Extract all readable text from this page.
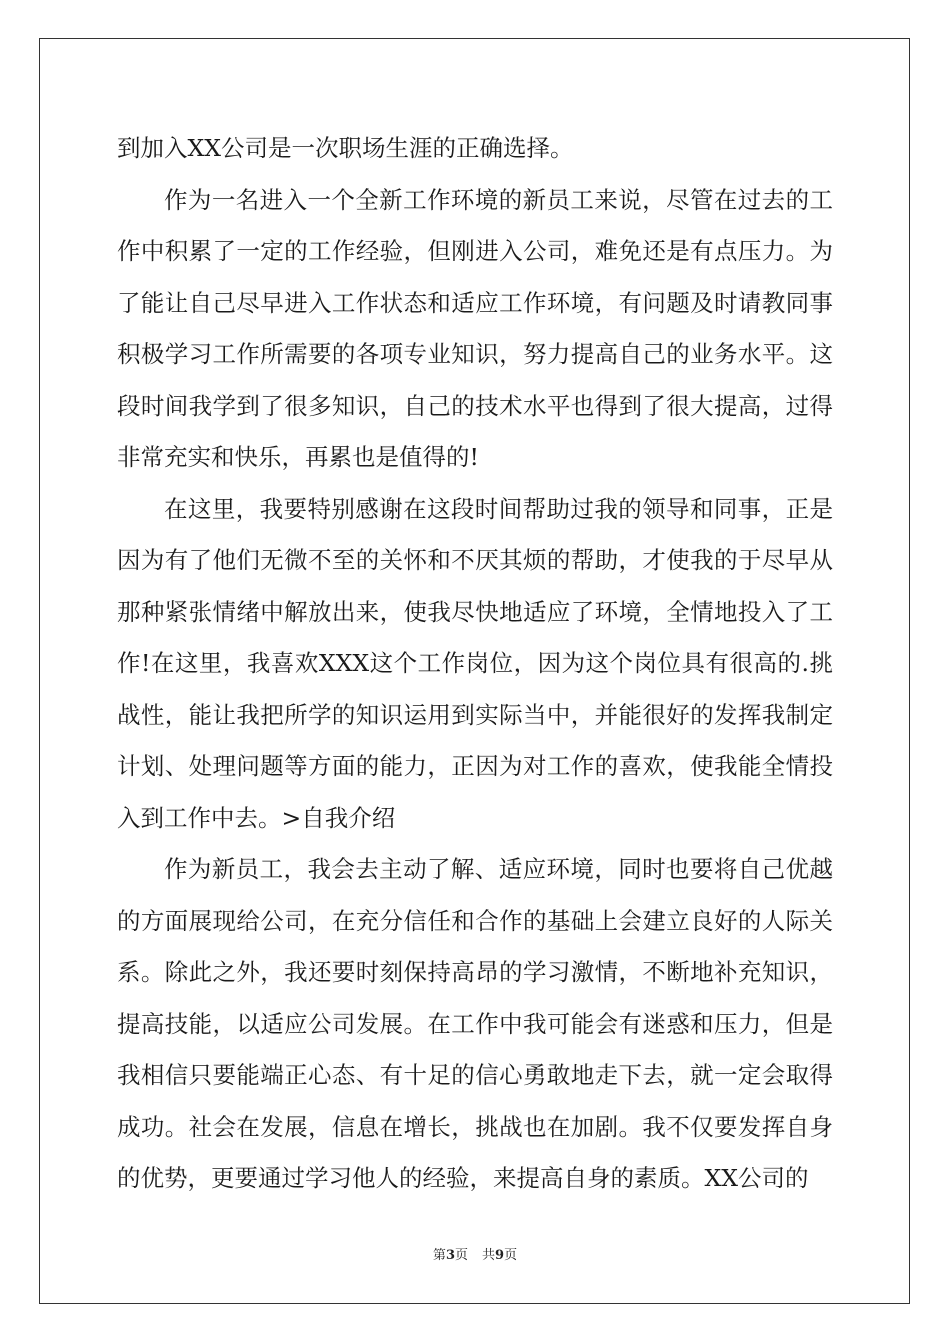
到加入XX公司是一次职场生涯的正确选择。
作为一名进入一个全新工作环境的新员工来说，尽管在过去的工
作中积累了一定的工作经验，但刚进入公司，难免还是有点压力。为
了能让自己尽早进入工作状态和适应工作环境，有问题及时请教同事
积极学习工作所需要的各项专业知识，努力提高自己的业务水平。这
段时间我学到了很多知识，自己的技术水平也得到了很大提高，过得
非常充实和快乐，再累也是值得的!
在这里，我要特别感谢在这段时间帮助过我的领导和同事，正是
因为有了他们无微不至的关怀和不厌其烦的帮助，才使我的于尽早从
那种紧张情绪中解放出来，使我尽快地适应了环境，全情地投入了工
作!在这里，我喜欢XXX这个工作岗位，因为这个岗位具有很高的.挑
战性，能让我把所学的知识运用到实际当中，并能很好的发挥我制定
计划、处理问题等方面的能力，正因为对工作的喜欢，使我能全情投
入到工作中去。>自我介绍
作为新员工，我会去主动了解、适应环境，同时也要将自己优越
的方面展现给公司，在充分信任和合作的基础上会建立良好的人际关
系。除此之外，我还要时刻保持高昂的学习激情，不断地补充知识，
提高技能，以适应公司发展。在工作中我可能会有迷惑和压力，但是
我相信只要能端正心态、有十足的信心勇敢地走下去，就一定会取得
成功。社会在发展，信息在增长，挑战也在加剧。我不仅要发挥自身
的优势，更要通过学习他人的经验，来提高自身的素质。XX公司的
第3页 共9页
